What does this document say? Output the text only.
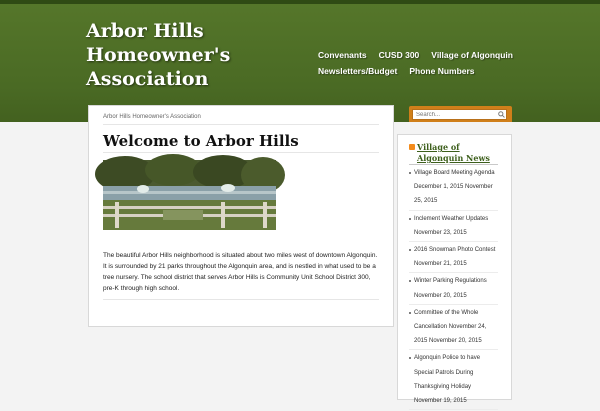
Arbor Hills Homeowner's Association
Convenants CUSD 300 Village of Algonquin
Newsletters/Budget Phone Numbers
Search...
Arbor Hills Homeowner's Association
Welcome to Arbor Hills

The beautiful Arbor Hills neighborhood is situated about two miles west of downtown Algonquin. It is surrounded by 21 parks throughout the Algonquin area, and is nestled in what used to be a tree nursery. The school district that serves Arbor Hills is Community Unit School District 300, pre-K through high school.

Village of Algonquin News
Village Board Meeting Agenda December 1, 2015 November 25, 2015
Inclement Weather Updates
November 23, 2015
2016 Snowman Photo Contest November 21, 2015
Winter Parking Regulations
November 20, 2015
Committee of the Whole Cancellation November 24, 2015 November 20, 2015
Algonquin Police to have Special Patrols During Thanksgiving Holiday November 19, 2015
